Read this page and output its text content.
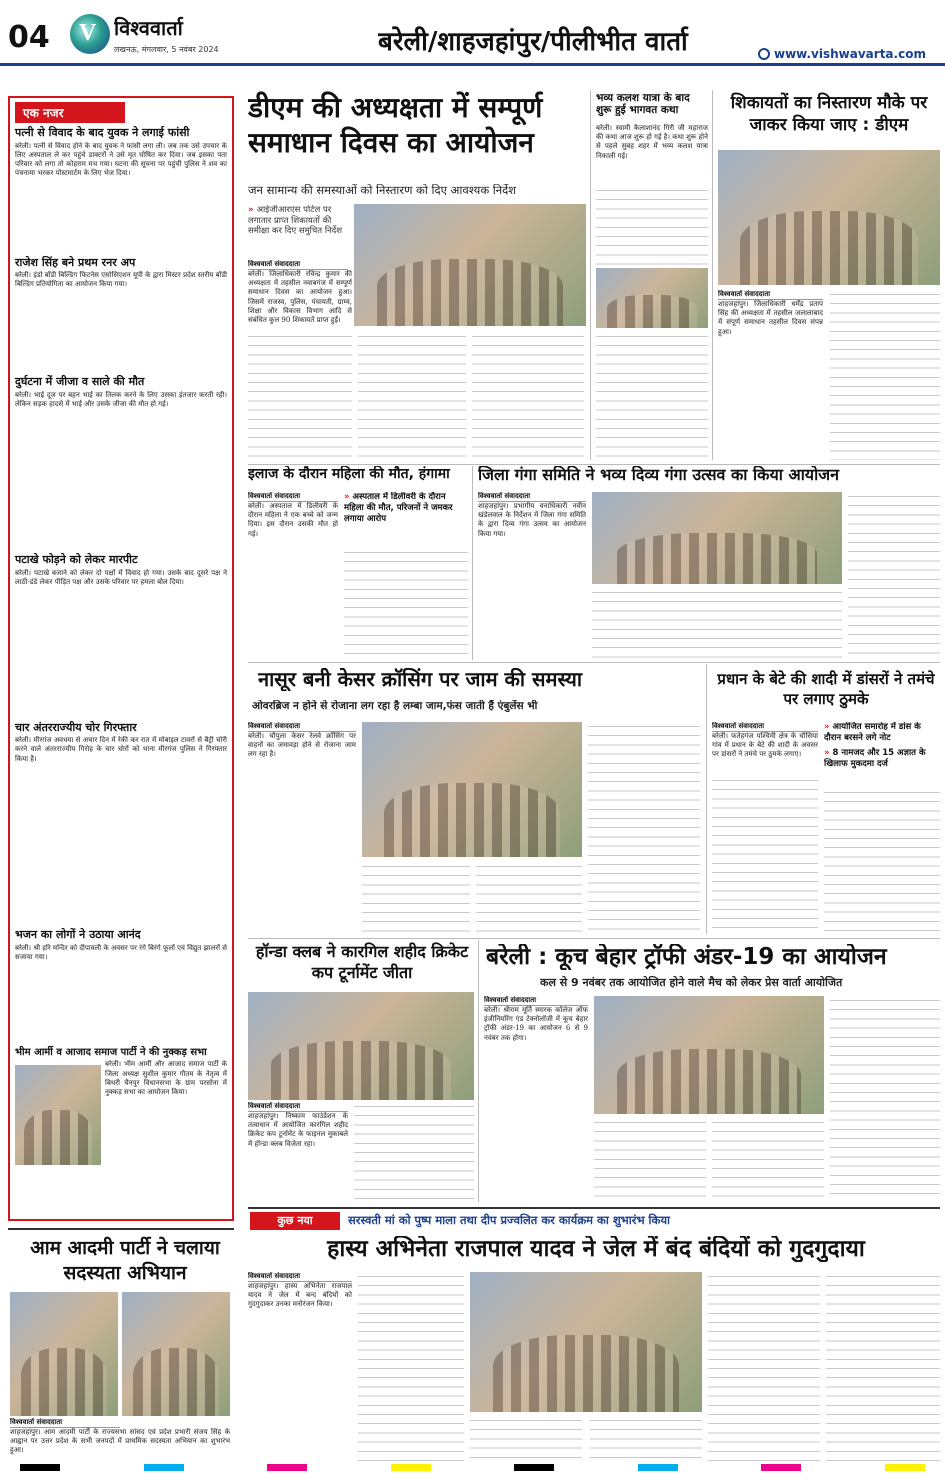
04	V विश्ववार्ता
लखनऊ, मंगलवार, 5 नवंबर 2024	बरेली/शाहजहांपुर/पीलीभीत वार्ता	www.vishwavarta.com
एक नजर
पत्नी से विवाद के बाद युवक ने लगाई फांसी
बरेली। पत्नी से विवाद होने के बाद युवक ने फांसी लगा ली। जब तक उसे उपचार के लिए अस्पताल ले कर पहुंचे डाक्टरों ने उसे मृत घोषित कर दिया। जब इसका पता परिवार को लगा तो कोहराम मच गया। घटना की सूचना पर पहुंची पुलिस ने शव का पंचनामा भरकर पोस्टमार्टम के लिए भेज दिया।
राजेश सिंह बने प्रथम रनर अप
बरेली। इंडो बॉडी बिल्डिंग फिटनेस एसोसिएशन यूपी के द्वारा मिस्टर प्रदेश स्तरीय बॉडी बिल्डिंग प्रतियोगिता का आयोजन किया गया।
दुर्घटना में जीजा व साले की मौत
बरेली। भाई दूज पर बहन भाई का तिलक करने के लिए उसका इंतजार करती रही। लेकिन सड़क हादसे में भाई और उसके जीजा की मौत हो गई।
पटाखे फोड़ने को लेकर मारपीट
बरेली। पटाखे बजाने को लेकर दो पक्षों में विवाद हो गया। उसके बाद दूसरे पक्ष ने लाठी-डंडे लेकर पीड़ित पक्ष और उसके परिवार पर हमला बोल दिया।
चार अंतरराज्यीय चोर गिरफ्तार
बरेली। मीरगंज अवधया से अचार दिन में रेकी कर रात में मोबाइल टावरों से बैट्री चोरी करने वाले अंतरराज्यीय गिरोह के चार चोरों को थाना मीरगंज पुलिस ने गिरफ्तार किया है।
भजन का लोगों ने उठाया आनंद
बरेली। श्री हरि मन्दिर को दीपावली के अवसर पर रंगे बिरंगे फूलों एवं विद्युत झालरों से सजाया गया।
भीम आर्मी व आजाद समाज पार्टी ने की नुक्कड़ सभा
बरेली। भीम आर्मी और आजाद समाज पार्टी के जिला अध्यक्ष सुशील कुमार गौतम के नेतृत्व में बिथरी चैनपुर विधानसभा के ग्राम परसोना में नुक्कड़ सभा का आयोजन किया।
आम आदमी पार्टी ने चलाया सदस्यता अभियान
विश्ववार्ता संवाददाता
शाहजहांपुर। आम आदमी पार्टी के राज्यसभा सांसद एवं प्रदेश प्रभारी संजय सिंह के आह्वान पर उत्तर प्रदेश के सभी जनपदों में प्राथमिक सदस्यता अभियान का शुभारंभ हुआ।
डीएम की अध्यक्षता में सम्पूर्ण समाधान दिवस का आयोजन
जन सामान्य की समस्याओं को निस्तारण को दिए आवश्यक निर्देश
» आईजीआरएस पोर्टल पर लगातार प्राप्त शिकायतों की समीक्षा कर दिए समुचित निर्देश
विश्ववार्ता संवाददाता
बरेली। जिलाधिकारी रविन्द्र कुमार की अध्यक्षता में तहसील नवाबगंज में सम्पूर्ण समाधान दिवस का आयोजन हुआ। जिसमें राजस्व, पुलिस, पंचायती, ग्राम्य, शिक्षा और विकास विभाग आदि से संबंधित कुल 90 शिकायतें प्राप्त हुईं।
भव्य कलश यात्रा के बाद शुरू हुई भागवत कथा
बरेली। स्वामी कैलाशानंद गिरी जी महाराज की कथा आज शुरू हो गई है। कथा शुरू होने से पहले सुबह शहर में भव्य कलश यात्रा निकाली गई।
शिकायतों का निस्तारण मौके पर जाकर किया जाए : डीएम
विश्ववार्ता संवाददाता
शाहजहांपुर। जिलाधिकारी धर्मेंद्र प्रताप सिंह की अध्यक्षता में तहसील जलालाबाद में संपूर्ण समाधान तहसील दिवस संपन्न हुआ।
इलाज के दौरान महिला की मौत, हंगामा
विश्ववार्ता संवाददाता
बरेली। अस्पताल में डिलीवरी के दौरान महिला ने एक बच्चे को जन्म दिया। इस दौरान उसकी मौत हो गई।
» अस्पताल में डिलीवरी के दौरान महिला की मौत, परिजनों ने जमकर लगाया आरोप
जिला गंगा समिति ने भव्य दिव्य गंगा उत्सव का किया आयोजन
विश्ववार्ता संवाददाता
शाहजहांपुर। प्रभागीय वनाधिकारी नवीन खंडेलवाल के निर्देशन में जिला गंगा समिति के द्वारा दिव्य गंगा उत्सव का आयोजन किया गया।
नासूर बनी केसर क्रॉसिंग पर जाम की समस्या
ओवरब्रिज न होने से रोजाना लग रहा है लम्बा जाम,फंस जाती हैं एंबुलेंस भी
विश्ववार्ता संवाददाता
बरेली। चौपुला केसर रेलवे क्रॉसिंग पर वाहनों का जमावड़ा होने से रोजाना जाम लग रहा है।
प्रधान के बेटे की शादी में डांसरों ने तमंचे पर लगाए ठुमके
विश्ववार्ता संवाददाता
बरेली। फतेहगंज पश्चिमी क्षेत्र के चौसिया गांव में प्रधान के बेटे की शादी के अवसर पर डांसरों ने तमंचे पर ठुमके लगाए।
» आयोजित समारोह में डांस के दौरान बरसने लगे नोट
» 8 नामजद और 15 अज्ञात के खिलाफ मुकदमा दर्ज
हॉन्डा क्लब ने कारगिल शहीद क्रिकेट कप टूर्नामेंट जीता
विश्ववार्ता संवाददाता
शाहजहांपुर। निष्काम फाउंडेशन के तत्वाधान में आयोजित कारगिल शहीद क्रिकेट कप टूर्नामेंट के फाइनल मुकाबले में हॉन्डा क्लब विजेता रहा।
बरेली : कूच बेहार ट्रॉफी अंडर-19 का आयोजन
कल से 9 नवंबर तक आयोजित होने वाले मैच को लेकर प्रेस वार्ता आयोजित
विश्ववार्ता संवाददाता
बरेली। श्रीराम मूर्ति स्मारक कॉलेज ऑफ इंजीनियरिंग एंड टेक्नोलॉजी में कूच बेहार ट्रॉफी अंडर-19 का आयोजन 6 से 9 नवंबर तक होगा।
कुछ नया	सरस्वती मां को पुष्प माला तथा दीप प्रज्वलित कर कार्यक्रम का शुभारंभ किया
हास्य अभिनेता राजपाल यादव ने जेल में बंद बंदियों को गुदगुदाया
विश्ववार्ता संवाददाता
शाहजहांपुर। हास्य अभिनेता राजपाल यादव ने जेल में बन्द बंदियों को गुदगुदाकर उनका मनोरंजन किया।
